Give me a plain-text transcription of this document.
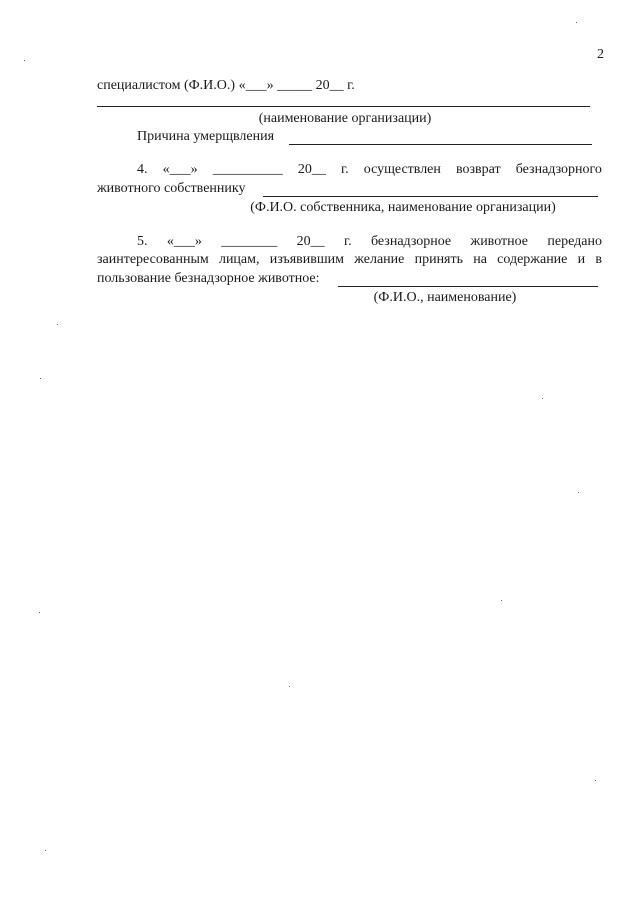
2
специалистом (Ф.И.О.) «___» _____ 20__ г.
(наименование организации)
Причина умерщвления
4. «___» __________ 20__ г. осуществлен возврат безнадзорного
животного собственнику
(Ф.И.О. собственника, наименование организации)
5. «___» ________ 20__ г. безнадзорное животное передано
заинтересованным лицам, изъявившим желание принять на содержание и в
пользование безнадзорное животное:
(Ф.И.О., наименование)
